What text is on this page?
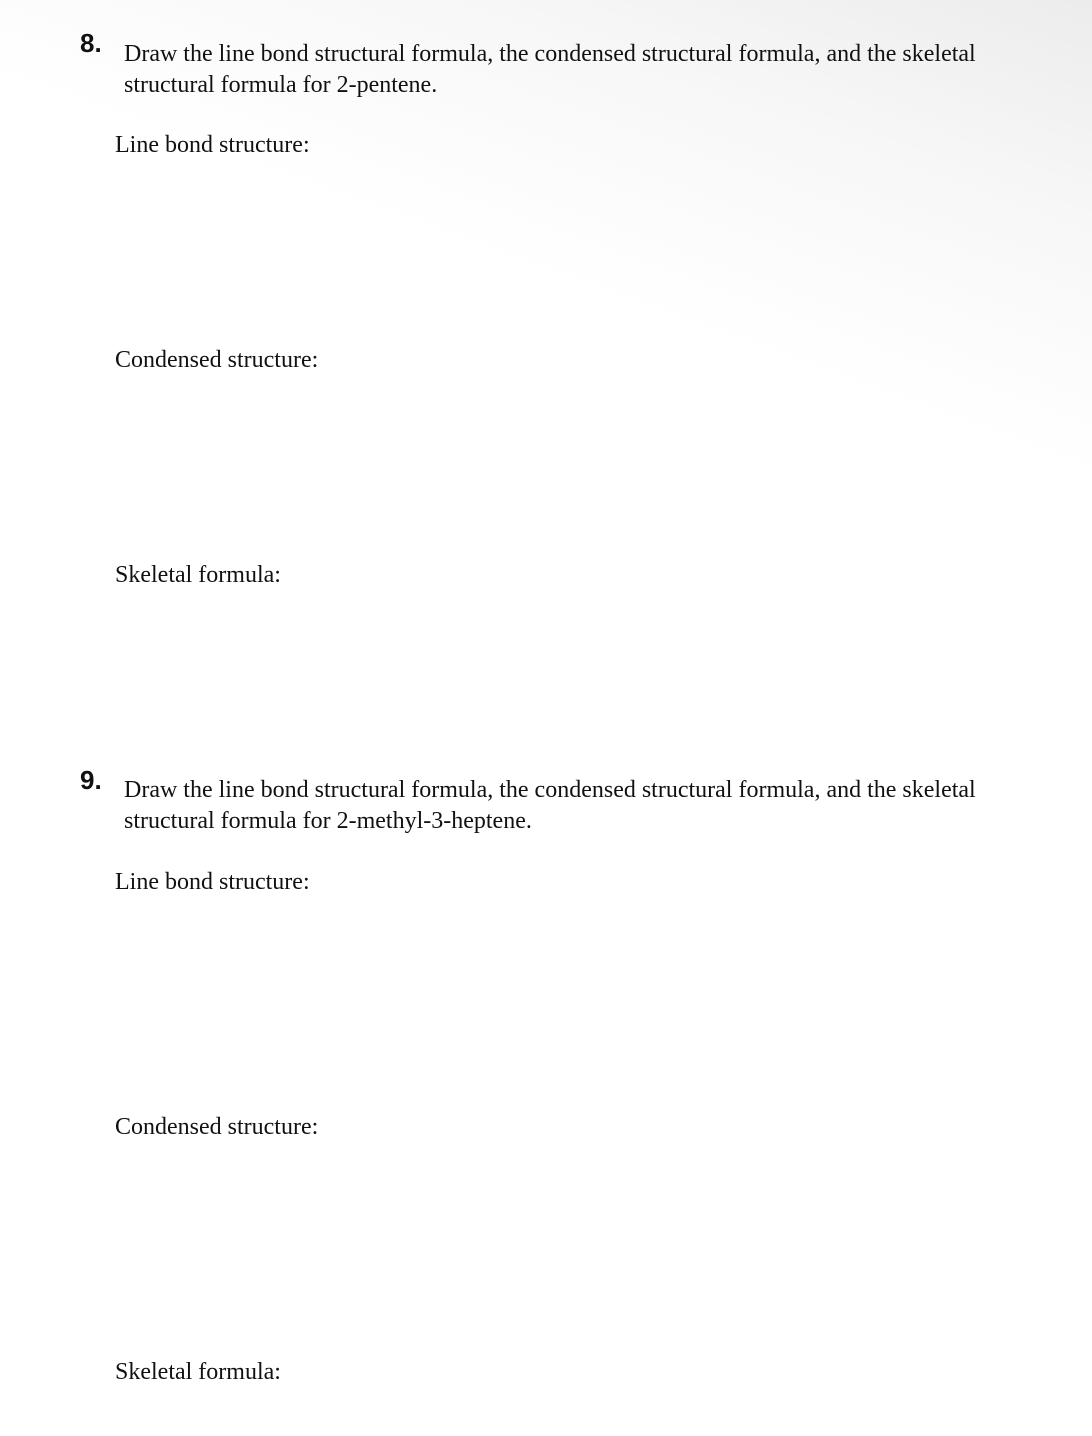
8. Draw the line bond structural formula, the condensed structural formula, and the skeletal
structural formula for 2-pentene.
Line bond structure:
Condensed structure:
Skeletal formula:
9. Draw the line bond structural formula, the condensed structural formula, and the skeletal
structural formula for 2-methyl-3-heptene.
Line bond structure:
Condensed structure:
Skeletal formula:
